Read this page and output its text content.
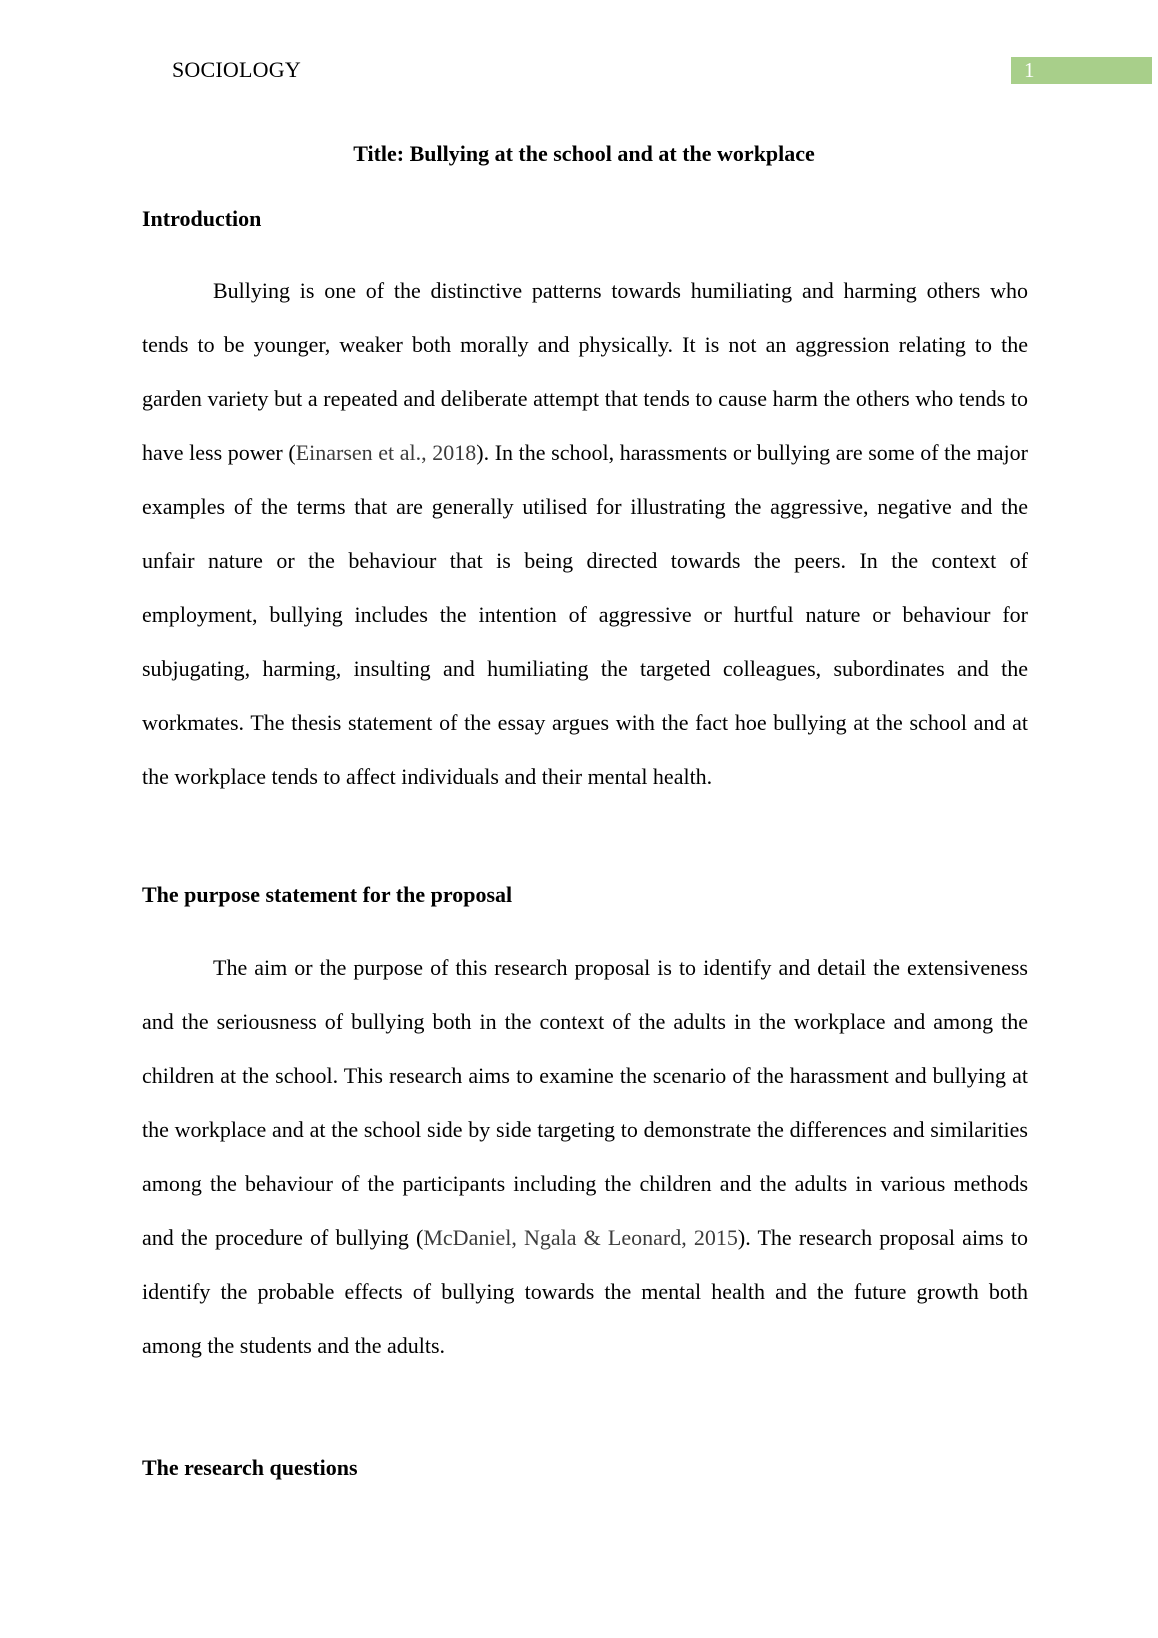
SOCIOLOGY	1
Title: Bullying at the school and at the workplace
Introduction

Bullying is one of the distinctive patterns towards humiliating and harming others who tends to be younger, weaker both morally and physically. It is not an aggression relating to the garden variety but a repeated and deliberate attempt that tends to cause harm the others who tends to have less power (Einarsen et al., 2018). In the school, harassments or bullying are some of the major examples of the terms that are generally utilised for illustrating the aggressive, negative and the unfair nature or the behaviour that is being directed towards the peers. In the context of employment, bullying includes the intention of aggressive or hurtful nature or behaviour for subjugating, harming, insulting and humiliating the targeted colleagues, subordinates and the workmates. The thesis statement of the essay argues with the fact hoe bullying at the school and at the workplace tends to affect individuals and their mental health.

The purpose statement for the proposal

The aim or the purpose of this research proposal is to identify and detail the extensiveness and the seriousness of bullying both in the context of the adults in the workplace and among the children at the school. This research aims to examine the scenario of the harassment and bullying at the workplace and at the school side by side targeting to demonstrate the differences and similarities among the behaviour of the participants including the children and the adults in various methods and the procedure of bullying (McDaniel, Ngala & Leonard, 2015). The research proposal aims to identify the probable effects of bullying towards the mental health and the future growth both among the students and the adults.

The research questions
